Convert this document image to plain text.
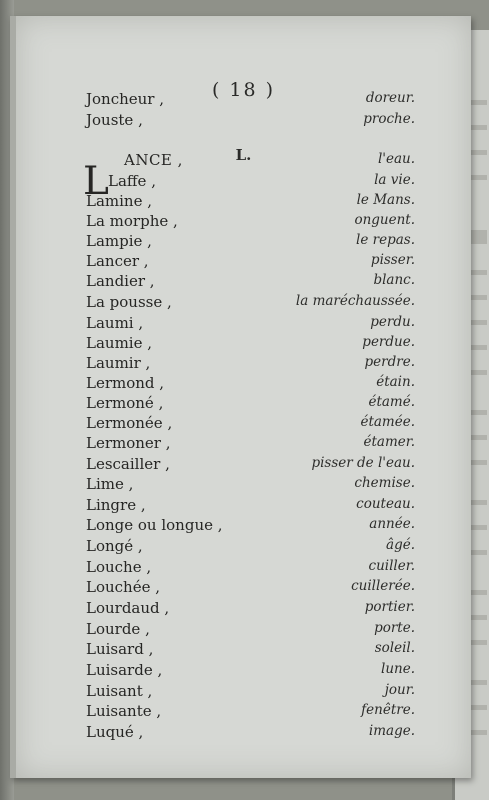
( 18 )
L.
L
Joncheur ,	doreur.
Jouste ,	proche.
ANCE ,	l'eau.
Laffe ,	la vie.
Lamine ,	le Mans.
La morphe ,	onguent.
Lampie ,	le repas.
Lancer ,	pisser.
Landier ,	blanc.
La pousse ,	la maréchaussée.
Laumi ,	perdu.
Laumie ,	perdue.
Laumir ,	perdre.
Lermond ,	étain.
Lermoné ,	étamé.
Lermonée ,	étamée.
Lermoner ,	étamer.
Lescailler ,	pisser de l'eau.
Lime ,	chemise.
Lingre ,	couteau.
Longe ou longue ,	année.
Longé ,	âgé.
Louche ,	cuiller.
Louchée ,	cuillerée.
Lourdaud ,	portier.
Lourde ,	porte.
Luisard ,	soleil.
Luisarde ,	lune.
Luisant ,	jour.
Luisante ,	fenêtre.
Luqué ,	image.
